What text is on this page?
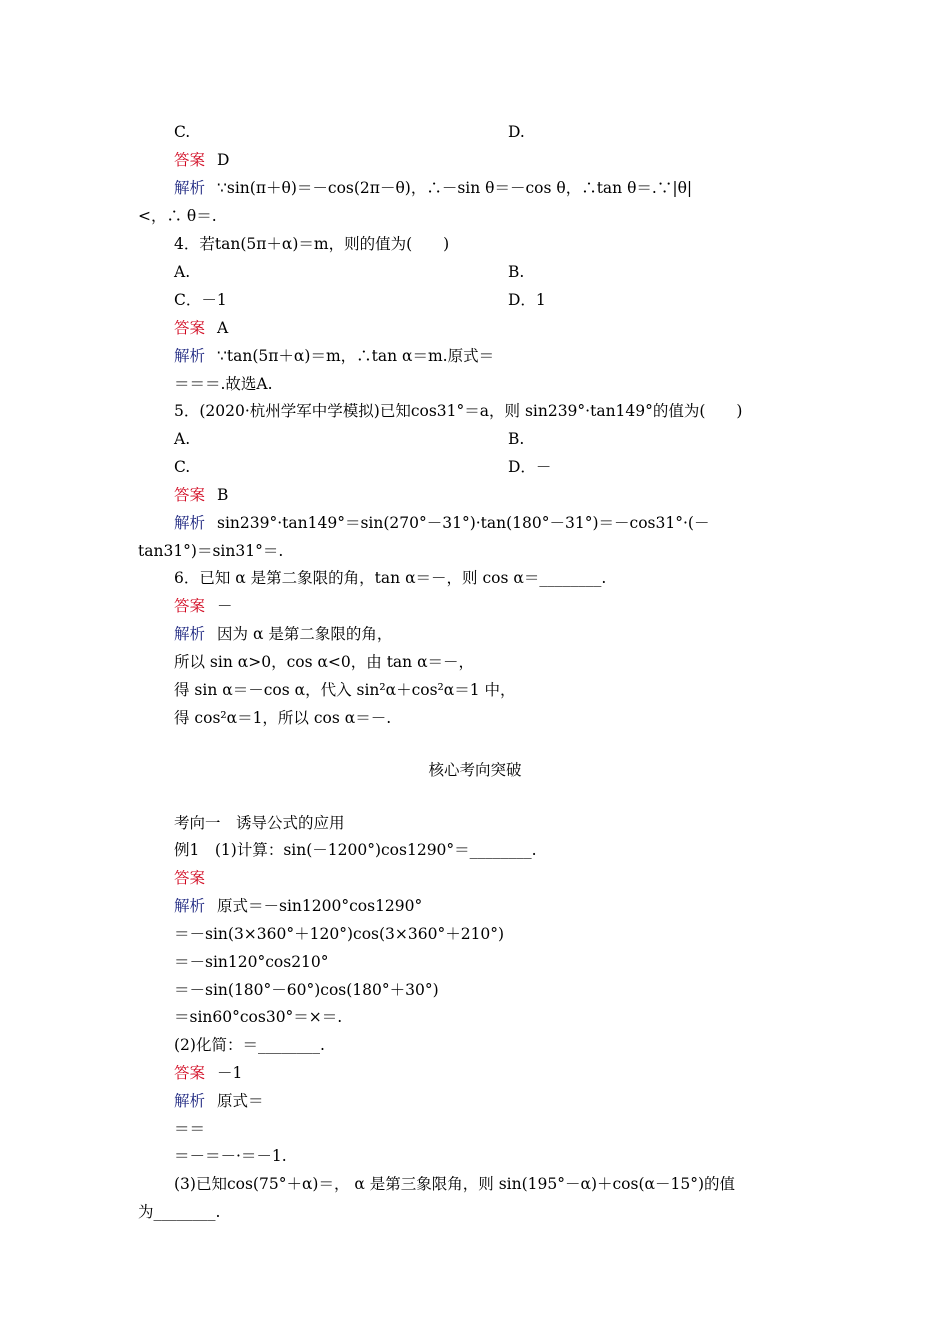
C.	D.
答案 D
解析 ∵sin(π＋θ)＝－cos(2π－θ)，∴－sin θ＝－cos θ，∴tan θ＝.∵|θ|
<，∴ θ＝.
4．若tan(5π＋α)＝m，则的值为(　　)
A.	B.
C．－1	D．1
答案 A
解析 ∵tan(5π＋α)＝m，∴tan α＝m.原式＝
＝＝＝.故选A.
5．(2020·杭州学军中学模拟)已知cos31°＝a，则 sin239°·tan149°的值为(　　)
A.	B.
C.	D．－
答案 B
解析 sin239°·tan149°＝sin(270°－31°)·tan(180°－31°)＝－cos31°·(－
tan31°)＝sin31°＝.
6．已知 α 是第二象限的角，tan α＝－，则 cos α＝________.
答案 －
解析 因为 α 是第二象限的角，
所以 sin α>0，cos α<0，由 tan α＝－，
得 sin α＝－cos α，代入 sin²α＋cos²α＝1 中，
得 cos²α＝1，所以 cos α＝－.
核心考向突破
考向一　诱导公式的应用
例1　(1)计算：sin(－1200°)cos1290°＝________.
答案
解析 原式＝－sin1200°cos1290°
＝－sin(3×360°＋120°)cos(3×360°＋210°)
＝－sin120°cos210°
＝－sin(180°－60°)cos(180°＋30°)
＝sin60°cos30°＝×＝.
(2)化简：＝________.
答案 －1
解析 原式＝
＝＝
＝－＝－·＝－1.
(3)已知cos(75°＋α)＝， α 是第三象限角，则 sin(195°－α)＋cos(α－15°)的值
为________.
